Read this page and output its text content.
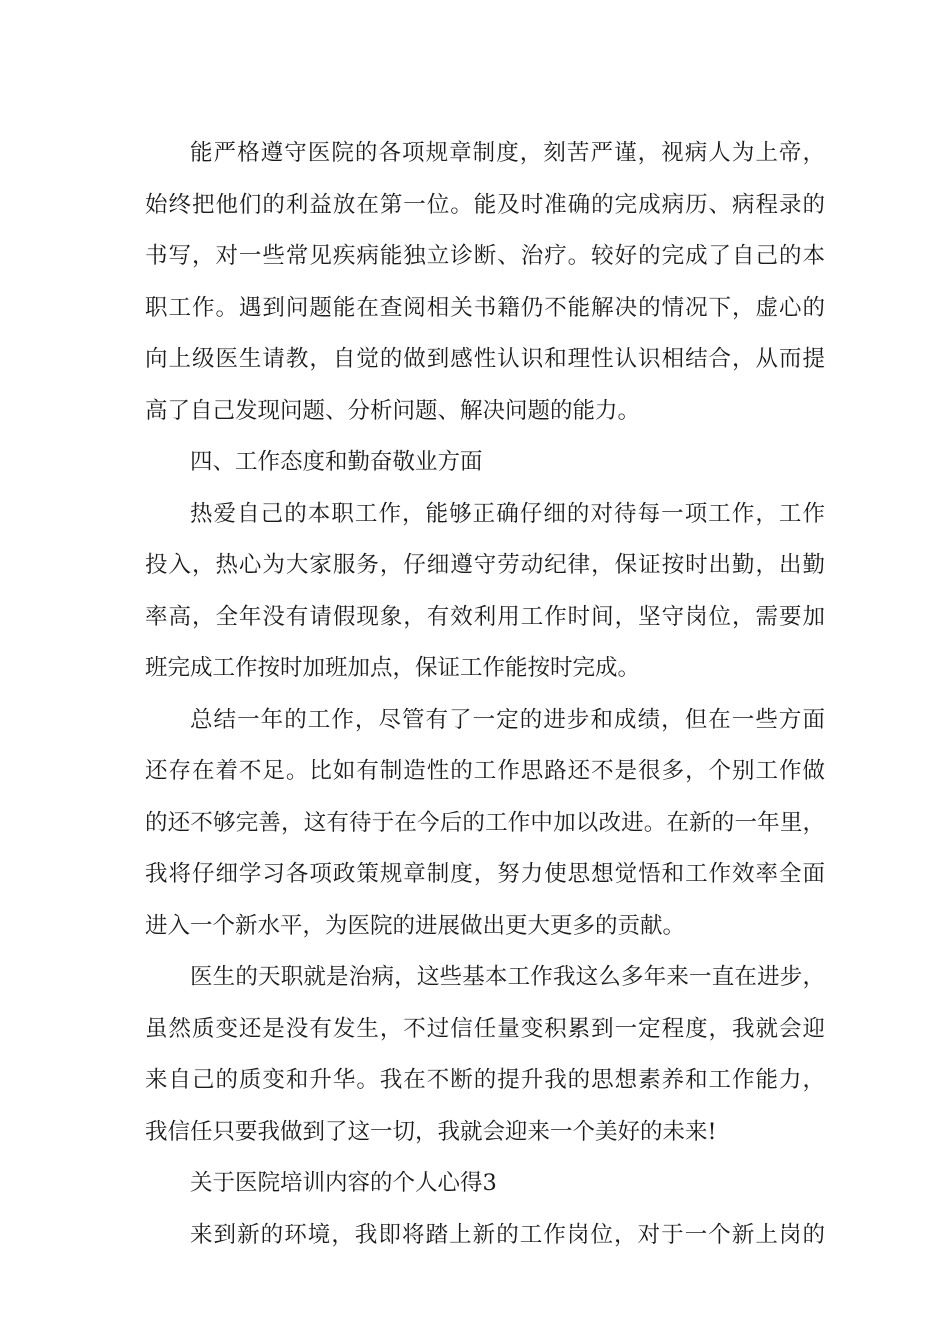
能严格遵守医院的各项规章制度，刻苦严谨，视病人为上帝，
始终把他们的利益放在第一位。能及时准确的完成病历、病程录的
书写，对一些常见疾病能独立诊断、治疗。较好的完成了自己的本
职工作。遇到问题能在查阅相关书籍仍不能解决的情况下，虚心的
向上级医生请教，自觉的做到感性认识和理性认识相结合，从而提
高了自己发现问题、分析问题、解决问题的能力。
四、工作态度和勤奋敬业方面
热爱自己的本职工作，能够正确仔细的对待每一项工作，工作
投入，热心为大家服务，仔细遵守劳动纪律，保证按时出勤，出勤
率高，全年没有请假现象，有效利用工作时间，坚守岗位，需要加
班完成工作按时加班加点，保证工作能按时完成。
总结一年的工作，尽管有了一定的进步和成绩，但在一些方面
还存在着不足。比如有制造性的工作思路还不是很多，个别工作做
的还不够完善，这有待于在今后的工作中加以改进。在新的一年里，
我将仔细学习各项政策规章制度，努力使思想觉悟和工作效率全面
进入一个新水平，为医院的进展做出更大更多的贡献。
医生的天职就是治病，这些基本工作我这么多年来一直在进步，
虽然质变还是没有发生，不过信任量变积累到一定程度，我就会迎
来自己的质变和升华。我在不断的提升我的思想素养和工作能力，
我信任只要我做到了这一切，我就会迎来一个美好的未来!
关于医院培训内容的个人心得3
来到新的环境，我即将踏上新的工作岗位，对于一个新上岗的
